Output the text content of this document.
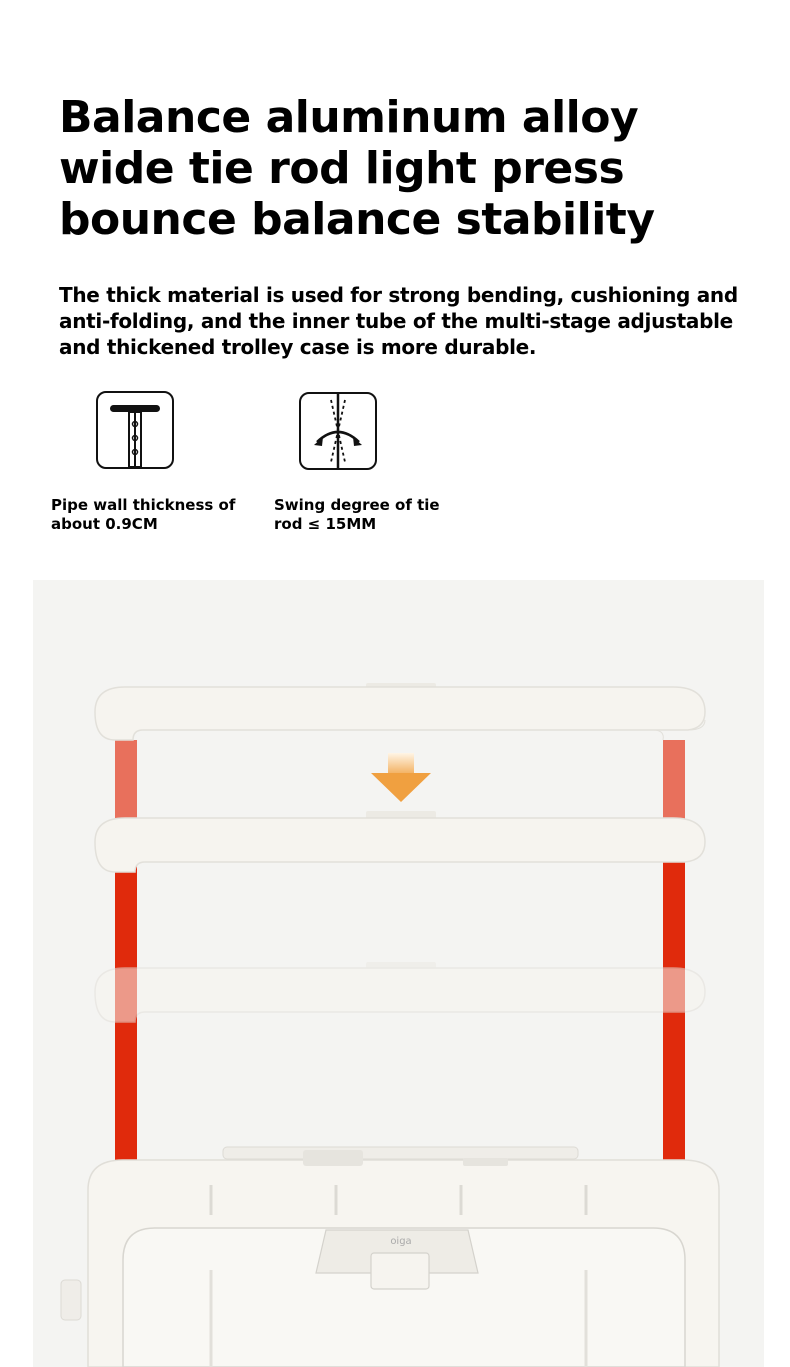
Balance aluminum alloy wide tie rod light press bounce balance stability

The thick material is used for strong bending, cushioning and anti-folding, and the inner tube of the multi-stage adjustable and thickened trolley case is more durable.

Pipe wall thickness of about 0.9CM
Swing degree of tie rod ≤ 15MM
oiga
